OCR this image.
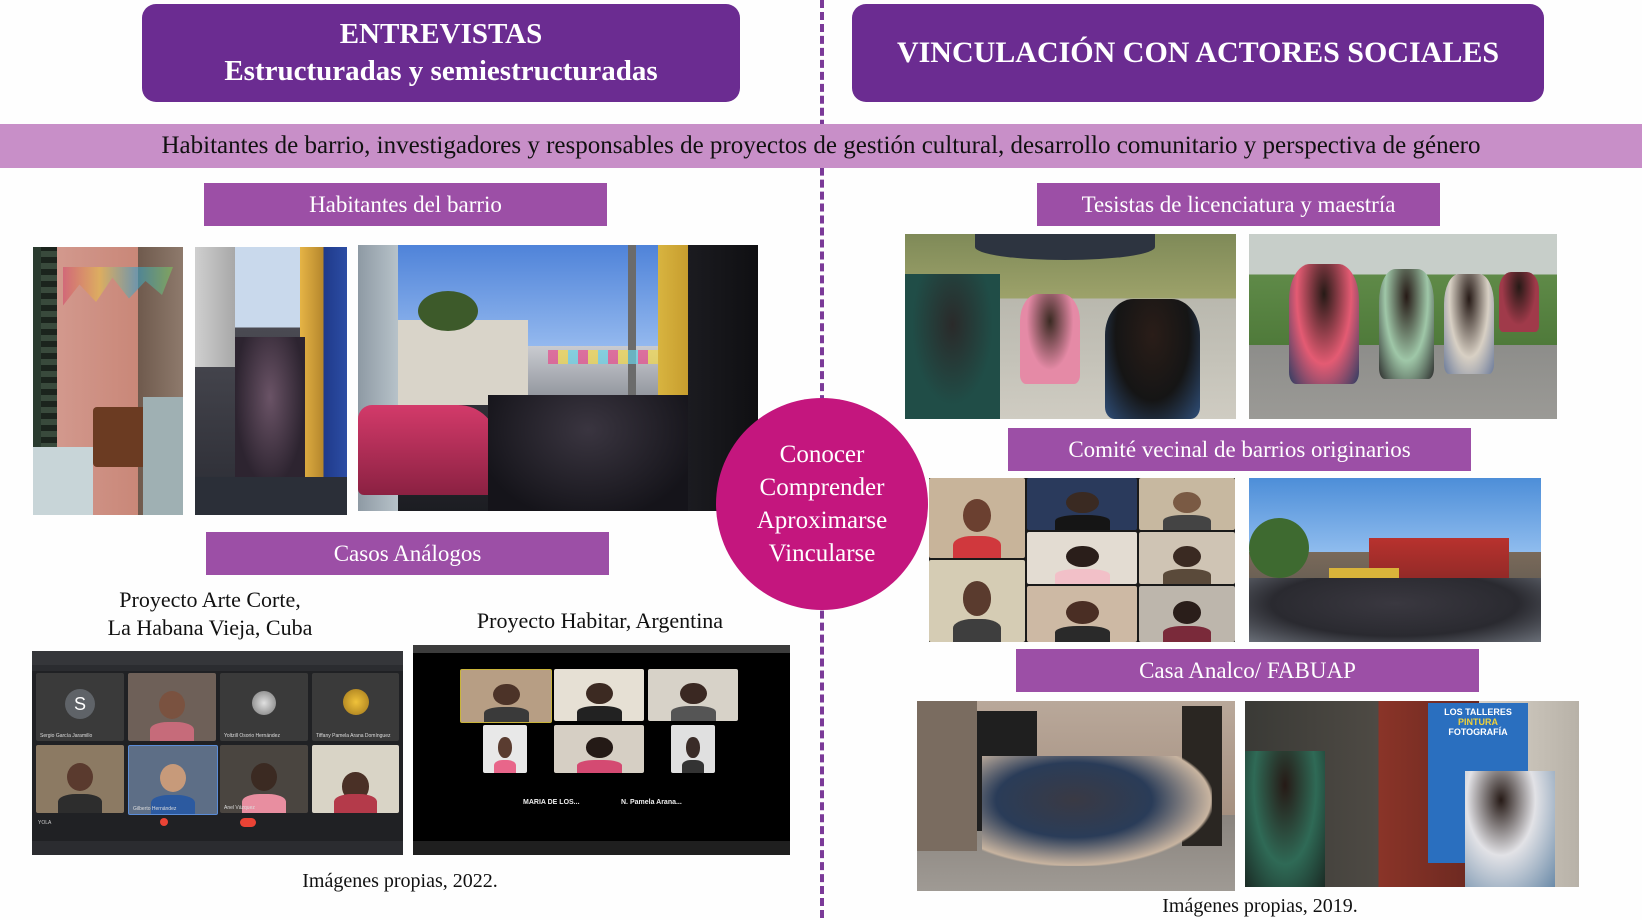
ENTREVISTAS
Estructuradas y semiestructuradas
VINCULACIÓN CON ACTORES SOCIALES
Habitantes de barrio, investigadores y responsables de proyectos de gestión cultural, desarrollo comunitario y perspectiva de género
Habitantes del barrio
Casos Análogos
Proyecto Arte Corte,
La Habana Vieja, Cuba	Proyecto Habitar, Argentina
S
Sergio García Jaramillo	Yoltzill Osorio Hernández	Tiffany Pamela Arana Domínguez
Gilberto Hernández	Anel Vázquez
YOLA
MARIA DE LOS...	N. Pamela Arana...
Imágenes propias, 2022.
Conocer
Comprender
Aproximarse
Vincularse
Tesistas de licenciatura y maestría
Comité vecinal de barrios originarios
Casa Analco/ FABUAP
LOS TALLERES
PINTURA
FOTOGRAFÍA
Imágenes propias, 2019.
